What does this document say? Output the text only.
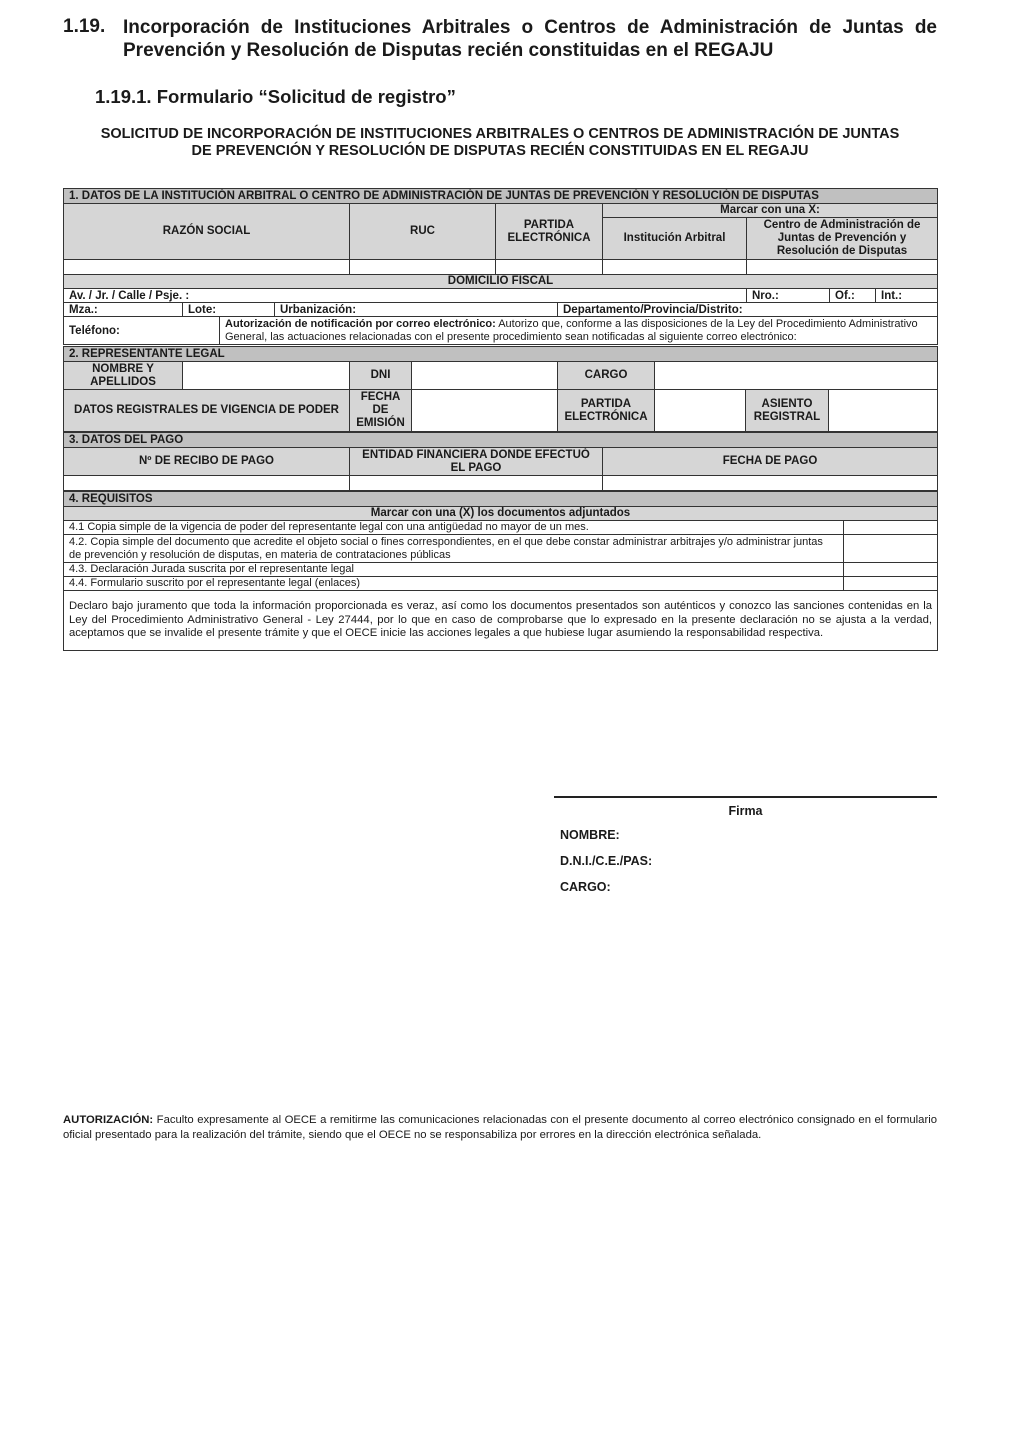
1.19. Incorporación de Instituciones Arbitrales o Centros de Administración de Juntas de Prevención y Resolución de Disputas recién constituidas en el REGAJU
1.19.1. Formulario “Solicitud de registro”
SOLICITUD DE INCORPORACIÓN DE INSTITUCIONES ARBITRALES O CENTROS DE ADMINISTRACIÓN DE JUNTAS
DE PREVENCIÓN Y RESOLUCIÓN DE DISPUTAS RECIÉN CONSTITUIDAS EN EL REGAJU
1. DATOS DE LA INSTITUCIÓN ARBITRAL O CENTRO DE ADMINISTRACIÓN DE JUNTAS DE PREVENCIÓN Y RESOLUCIÓN DE DISPUTAS										
RAZÓN SOCIAL				RUC	PARTIDA ELECTRÓNICA		Marcar con una X:			
							Institución Arbitral	Centro de Administración de Juntas de Prevención y Resolución de Disputas		

DOMICILIO FISCAL										
Av. / Jr. / Calle / Psje. :								Nro.:	Of.:	Int.:
Mza.:	Lote:		Urbanización:			Departamento/Provincia/Distrito:				
Teléfono:		Autorización de notificación por correo electrónico: Autorizo que, conforme a las disposiciones de la Ley del Procedimiento Administrativo General, las actuaciones relacionadas con el presente procedimiento sean notificadas al siguiente correo electrónico:								
2. REPRESENTANTE LEGAL							
NOMBRE Y APELLIDOS		DNI		CARGO			
DATOS REGISTRALES DE VIGENCIA DE PODER		FECHA DE EMISIÓN		PARTIDA ELECTRÓNICA		ASIENTO REGISTRAL	
3. DATOS DEL PAGO		
Nº DE RECIBO DE PAGO	ENTIDAD FINANCIERA DONDE EFECTUÓ EL PAGO	FECHA DE PAGO

4. REQUISITOS	
Marcar con una (X) los documentos adjuntados	
4.1 Copia simple de la vigencia de poder del representante legal con una antigüedad no mayor de un mes.	
4.2. Copia simple del documento que acredite el objeto social o fines correspondientes, en el que debe constar administrar arbitrajes y/o administrar juntas de prevención y resolución de disputas, en materia de contrataciones públicas	
4.3. Declaración Jurada suscrita por el representante legal	
4.4. Formulario suscrito por el representante legal (enlaces)	
Declaro bajo juramento que toda la información proporcionada es veraz, así como los documentos presentados son auténticos y conozco las sanciones contenidas en la Ley del Procedimiento Administrativo General - Ley 27444, por lo que en caso de comprobarse que lo expresado en la presente declaración no se ajusta a la verdad, aceptamos que se invalide el presente trámite y que el OECE inicie las acciones legales a que hubiese lugar asumiendo la responsabilidad respectiva.	
Firma
NOMBRE:
D.N.I./C.E./PAS:
CARGO:
AUTORIZACIÓN: Faculto expresamente al OECE a remitirme las comunicaciones relacionadas con el presente documento al correo electrónico consignado en el formulario oficial presentado para la realización del trámite, siendo que el OECE no se responsabiliza por errores en la dirección electrónica señalada.
